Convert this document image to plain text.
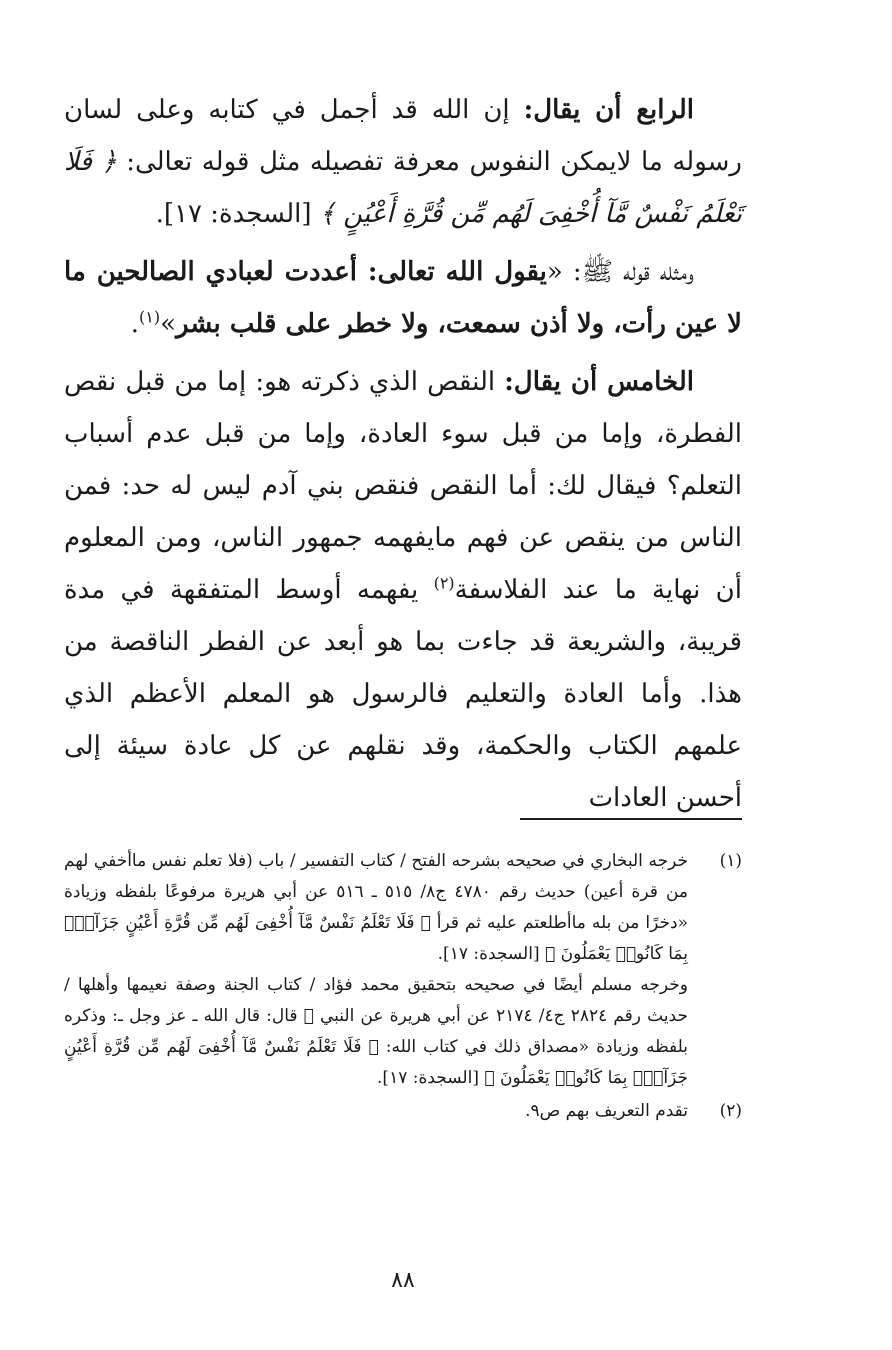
الرابع أن يقال: إن الله قد أجمل في كتابه وعلى لسان رسوله ما لايمكن النفوس معرفة تفصيله مثل قوله تعالى: ﴿ فَلَا تَعْلَمُ نَفْسٌ مَّآ أُخْفِىَ لَهُم مِّن قُرَّةِ أَعْيُنٍ ﴾ [السجدة: ١٧].

ومثله قوله ﷺ: «يقول الله تعالى: أعددت لعبادي الصالحين ما لا عين رأت، ولا أذن سمعت، ولا خطر على قلب بشر»$^{(١)}$.

الخامس أن يقال: النقص الذي ذكرته هو: إما من قبل نقص الفطرة، وإما من قبل سوء العادة، وإما من قبل عدم أسباب التعلم؟ فيقال لك: أما النقص فنقص بني آدم ليس له حد: فمن الناس من ينقص عن فهم مايفهمه جمهور الناس، ومن المعلوم أن نهاية ما عند الفلاسفة$^{(٢)}$ يفهمه أوسط المتفقهة في مدة قريبة، والشريعة قد جاءت بما هو أبعد عن الفطر الناقصة من هذا. وأما العادة والتعليم فالرسول هو المعلم الأعظم الذي علمهم الكتاب والحكمة، وقد نقلهم عن كل عادة سيئة إلى أحسن العادات

(١)
خرجه البخاري في صحيحه بشرحه الفتح / كتاب التفسير / باب (فلا تعلم نفس ماأخفي لهم من قرة أعين) حديث رقم ٤٧٨٠ ج٨/ ٥١٥ ـ ٥١٦ عن أبي هريرة مرفوعًا بلفظه وزيادة «دخرًا من بله ماأطلعتم عليه ثم قرأ ﴿ فَلَا تَعْلَمُ نَفْسٌ مَّآ أُخْفِىَ لَهُم مِّن قُرَّةِ أَعْيُنٍ جَزَآءًۢ بِمَا كَانُوا۟ يَعْمَلُونَ ﴾ [السجدة: ١٧].
وخرجه مسلم أيضًا في صحيحه بتحقيق محمد فؤاد / كتاب الجنة وصفة نعيمها وأهلها / حديث رقم ٢٨٢٤ ج٤/ ٢١٧٤ عن أبي هريرة عن النبي ﷺ قال: قال الله ـ عز وجل ـ: وذكره بلفظه وزيادة «مصداق ذلك في كتاب الله: ﴿ فَلَا تَعْلَمُ نَفْسٌ مَّآ أُخْفِىَ لَهُم مِّن قُرَّةِ أَعْيُنٍ جَزَآءًۢ بِمَا كَانُوا۟ يَعْمَلُونَ ﴾ [السجدة: ١٧].
(٢)
تقدم التعريف بهم ص٩.
٨٨
